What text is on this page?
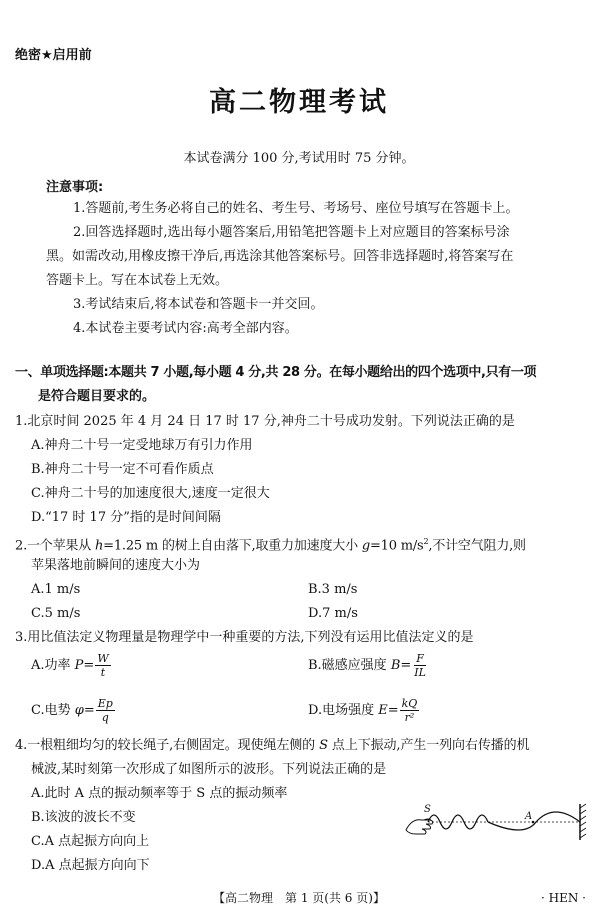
绝密★启用前
高二物理考试
本试卷满分 100 分,考试用时 75 分钟。
注意事项:
1.答题前,考生务必将自己的姓名、考生号、考场号、座位号填写在答题卡上。
2.回答选择题时,选出每小题答案后,用铅笔把答题卡上对应题目的答案标号涂
黑。如需改动,用橡皮擦干净后,再选涂其他答案标号。回答非选择题时,将答案写在
答题卡上。写在本试卷上无效。
3.考试结束后,将本试卷和答题卡一并交回。
4.本试卷主要考试内容:高考全部内容。
一、单项选择题:本题共 7 小题,每小题 4 分,共 28 分。在每小题给出的四个选项中,只有一项
是符合题目要求的。
1.北京时间 2025 年 4 月 24 日 17 时 17 分,神舟二十号成功发射。下列说法正确的是
A.神舟二十号一定受地球万有引力作用
B.神舟二十号一定不可看作质点
C.神舟二十号的加速度很大,速度一定很大
D.“17 时 17 分”指的是时间间隔
2.一个苹果从 h=1.25 m 的树上自由落下,取重力加速度大小 g=10 $m/s^2$,不计空气阻力,则
苹果落地前瞬间的速度大小为
A.1 m/s	B.3 m/s
C.5 m/s	D.7 m/s
3.用比值法定义物理量是物理学中一种重要的方法,下列没有运用比值法定义的是
A.功率 $P= \frac{W}{t}$	B.磁感应强度 $B= \frac{F}{IL}$
C.电势 $\varphi= \frac{Ep}{q}$	D.电场强度 $E= \frac{kQ}{\text{r²}}$
4.一根粗细均匀的较长绳子,右侧固定。现使绳左侧的 S 点上下振动,产生一列向右传播的机
械波,某时刻第一次形成了如图所示的波形。下列说法正确的是
A.此时 A 点的振动频率等于 S 点的振动频率
B.该波的波长不变
C.A 点起振方向向上
D.A 点起振方向向下
S
A
【高二物理　第 1 页(共 6 页)】	· HEN ·
